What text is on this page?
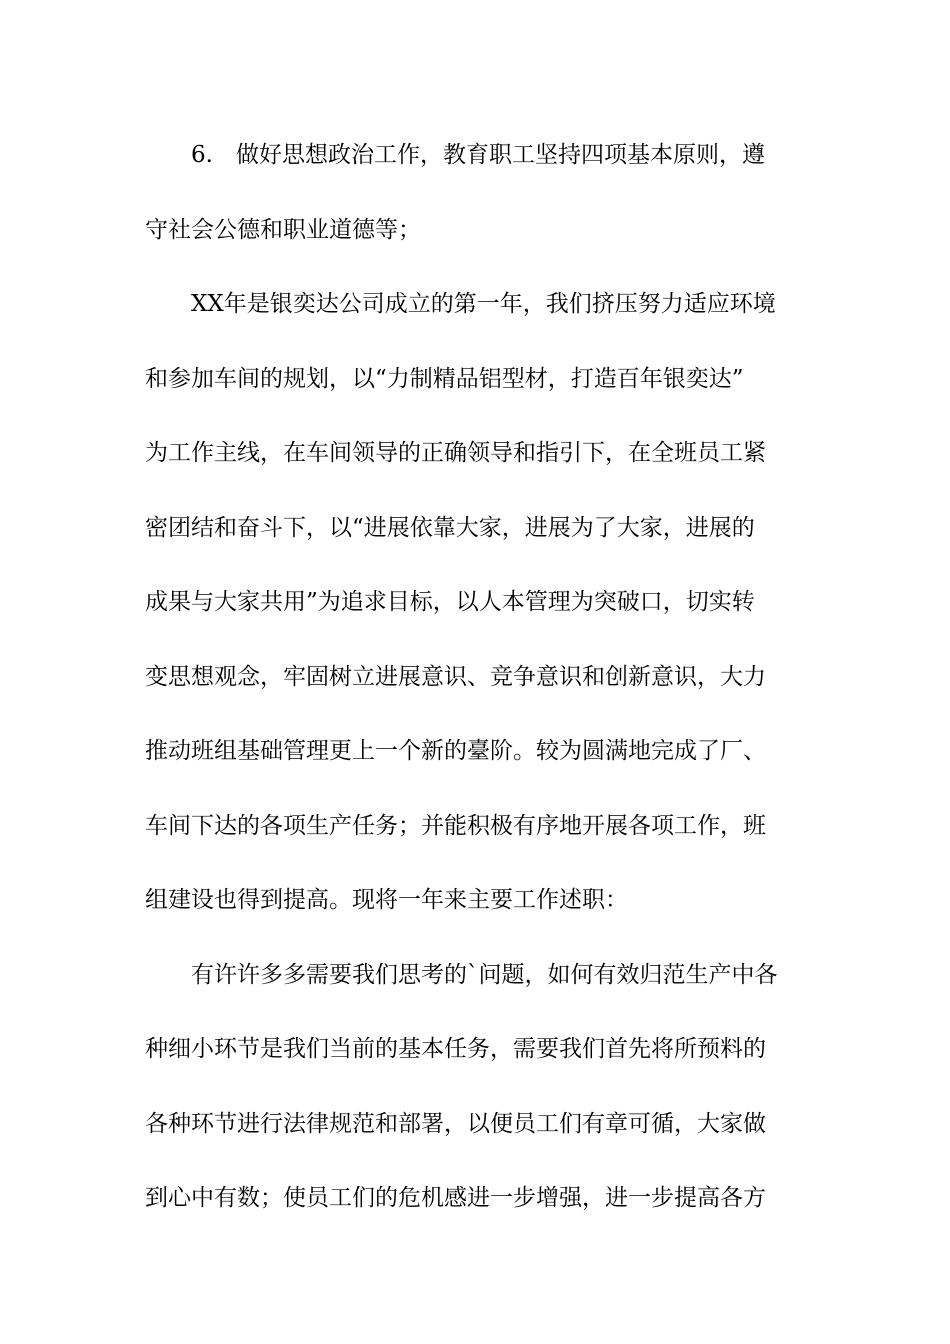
6.　做好思想政治工作，教育职工坚持四项基本原则，遵
守社会公德和职业道德等；
XX年是银奕达公司成立的第一年，我们挤压努力适应环境
和参加车间的规划，以“力制精品铝型材，打造百年银奕达”
为工作主线，在车间领导的正确领导和指引下，在全班员工紧
密团结和奋斗下，以“进展依靠大家，进展为了大家，进展的
成果与大家共用”为追求目标，以人本管理为突破口，切实转
变思想观念，牢固树立进展意识、竞争意识和创新意识，大力
推动班组基础管理更上一个新的臺阶。较为圆满地完成了厂、
车间下达的各项生产任务；并能积极有序地开展各项工作，班
组建设也得到提高。现将一年来主要工作述职：
有许许多多需要我们思考的`问题，如何有效归范生产中各
种细小环节是我们当前的基本任务，需要我们首先将所预料的
各种环节进行法律规范和部署，以便员工们有章可循，大家做
到心中有数；使员工们的危机感进一步增强，进一步提高各方
